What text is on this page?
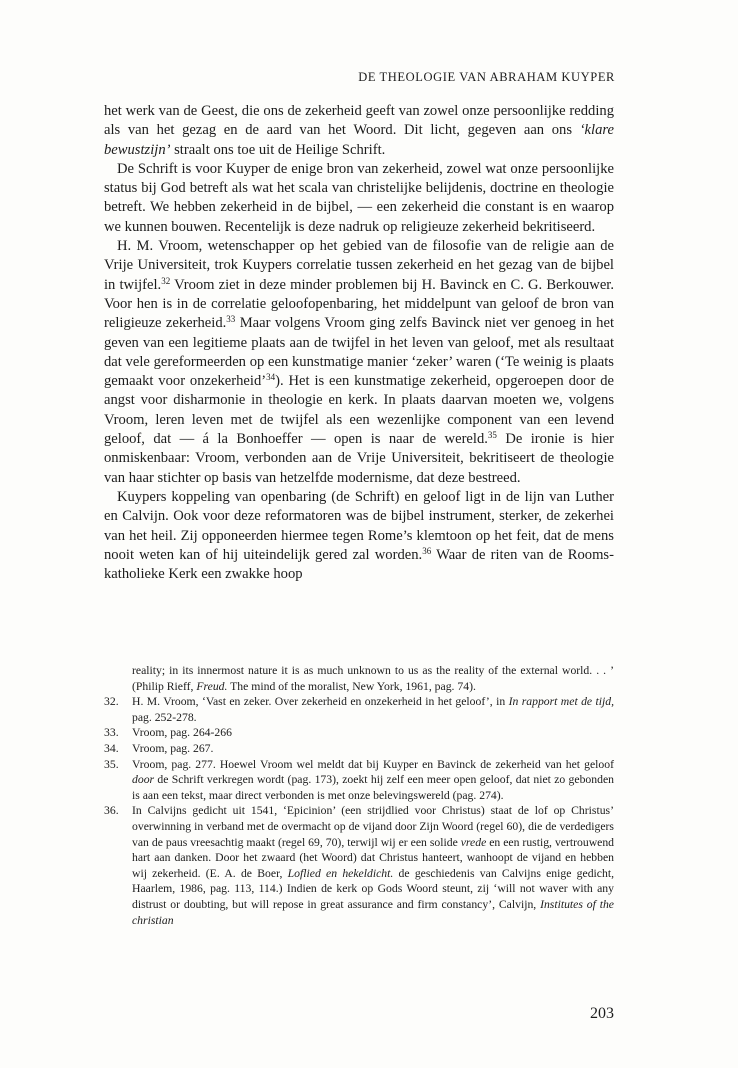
DE THEOLOGIE VAN ABRAHAM KUYPER

het werk van de Geest, die ons de zekerheid geeft van zowel onze persoonlijke redding als van het gezag en de aard van het Woord. Dit licht, gegeven aan ons ‘klare bewustzijn’ straalt ons toe uit de Heilige Schrift.

De Schrift is voor Kuyper de enige bron van zekerheid, zowel wat onze persoonlijke status bij God betreft als wat het scala van christelijke belijdenis, doctrine en theologie betreft. We hebben zekerheid in de bijbel, — een zekerheid die constant is en waarop we kunnen bouwen. Recentelijk is deze nadruk op religieuze zekerheid bekritiseerd.

H. M. Vroom, wetenschapper op het gebied van de filosofie van de religie aan de Vrije Universiteit, trok Kuypers correlatie tussen zekerheid en het gezag van de bijbel in twijfel.$^{32}$ Vroom ziet in deze minder problemen bij H. Bavinck en C. G. Berkouwer. Voor hen is in de correlatie geloofopenbaring, het middelpunt van geloof de bron van religieuze zekerheid.$^{33}$ Maar volgens Vroom ging zelfs Bavinck niet ver genoeg in het geven van een legitieme plaats aan de twijfel in het leven van geloof, met als resultaat dat vele gereformeerden op een kunstmatige manier ‘zeker’ waren (‘Te weinig is plaats gemaakt voor onzekerheid’$^{34}$). Het is een kunstmatige zekerheid, opgeroepen door de angst voor disharmonie in theologie en kerk. In plaats daarvan moeten we, volgens Vroom, leren leven met de twijfel als een wezenlijke component van een levend geloof, dat — á la Bonhoeffer — open is naar de wereld.$^{35}$ De ironie is hier onmiskenbaar: Vroom, verbonden aan de Vrije Universiteit, bekritiseert de theologie van haar stichter op basis van hetzelfde modernisme, dat deze bestreed.

Kuypers koppeling van openbaring (de Schrift) en geloof ligt in de lijn van Luther en Calvijn. Ook voor deze reformatoren was de bijbel instrument, sterker, de zekerhei van het heil. Zij opponeerden hiermee tegen Rome’s klemtoon op het feit, dat de mens nooit weten kan of hij uiteindelijk gered zal worden.$^{36}$ Waar de riten van de Rooms-katholieke Kerk een zwakke hoop

reality; in its innermost nature it is as much unknown to us as the reality of the external world. . . ’ (Philip Rieff, Freud. The mind of the moralist, New York, 1961, pag. 74).
32. H. M. Vroom, ‘Vast en zeker. Over zekerheid en onzekerheid in het geloof’, in In rapport met de tijd, pag. 252-278.
33. Vroom, pag. 264-266
34. Vroom, pag. 267.
35. Vroom, pag. 277. Hoewel Vroom wel meldt dat bij Kuyper en Bavinck de zekerheid van het geloof door de Schrift verkregen wordt (pag. 173), zoekt hij zelf een meer open geloof, dat niet zo gebonden is aan een tekst, maar direct verbonden is met onze belevingswereld (pag. 274).
36. In Calvijns gedicht uit 1541, ‘Epicinion’ (een strijdlied voor Christus) staat de lof op Christus’ overwinning in verband met de overmacht op de vijand door Zijn Woord (regel 60), die de verdedigers van de paus vreesachtig maakt (regel 69, 70), terwijl wij er een solide vrede en een rustig, vertrouwend hart aan danken. Door het zwaard (het Woord) dat Christus hanteert, wanhoopt de vijand en hebben wij zekerheid. (E. A. de Boer, Loflied en hekeldicht. de geschiedenis van Calvijns enige gedicht, Haarlem, 1986, pag. 113, 114.) Indien de kerk op Gods Woord steunt, zij ‘will not waver with any distrust or doubting, but will repose in great assurance and firm constancy’, Calvijn, Institutes of the christian
203
